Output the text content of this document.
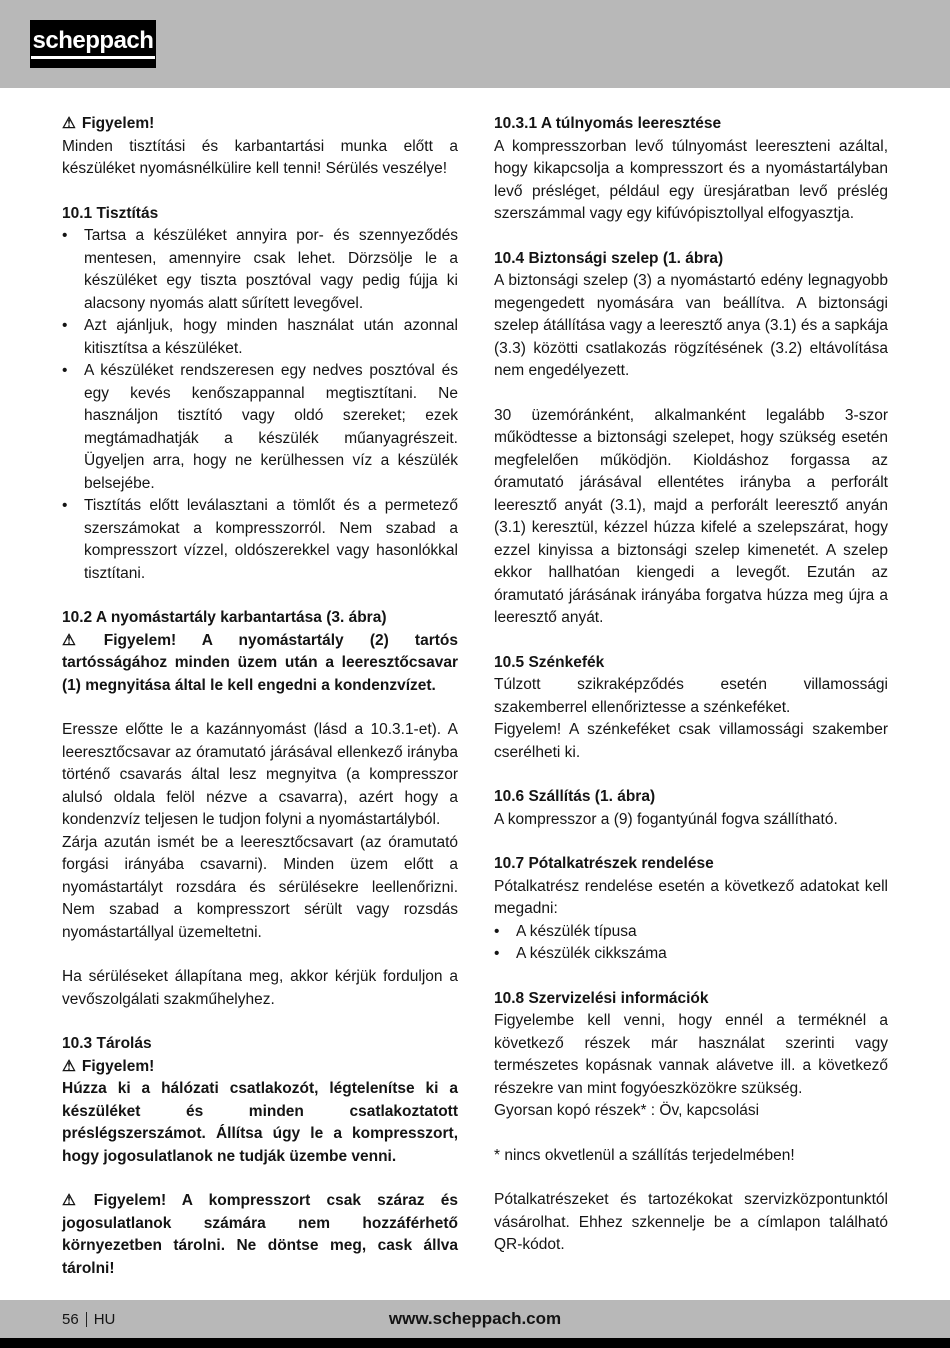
scheppach
⚠ Figyelem!

Minden tisztítási és karbantartási munka előtt a készüléket nyomásnélkülire kell tenni! Sérülés veszélye!

10.1 Tisztítás
•	Tartsa a készüléket annyira por- és szennyeződés mentesen, amennyire csak lehet. Dörzsölje le a készüléket egy tiszta posztóval vagy pedig fújja ki alacsony nyomás alatt sűrített levegővel.
•	Azt ajánljuk, hogy minden használat után azonnal kitisztítsa a készüléket.
•	A készüléket rendszeresen egy nedves posztóval és egy kevés kenőszappannal megtisztítani. Ne használjon tisztító vagy oldó szereket; ezek megtámadhatják a készülék műanyagrészeit. Ügyeljen arra, hogy ne kerülhessen víz a készülék belsejébe.
•	Tisztítás előtt leválasztani a tömlőt és a permetező szerszámokat a kompresszorról. Nem szabad a kompresszort vízzel, oldószerekkel vagy hasonlókkal tisztítani.
10.2 A nyomástartály karbantartása (3. ábra)

⚠ Figyelem! A nyomástartály (2) tartós tartósságához minden üzem után a leeresztőcsavar (1) megnyitása által le kell engedni a kondenzvízet.

Eressze előtte le a kazánnyomást (lásd a 10.3.1-et). A leeresztőcsavar az óramutató járásával ellenkező irányba történő csavarás által lesz megnyitva (a kompresszor alulsó oldala felöl nézve a csavarra), azért hogy a kondenzvíz teljesen le tudjon folyni a nyomástartályból.

Zárja azután ismét be a leeresztőcsavart (az óramutató forgási irányába csavarni). Minden üzem előtt a nyomástartályt rozsdára és sérülésekre leellenőrizni. Nem szabad a kompresszort sérült vagy rozsdás nyomástartállyal üzemeltetni.

Ha sérüléseket állapítana meg, akkor kérjük forduljon a vevőszolgálati szakműhelyhez.

10.3 Tárolás
⚠ Figyelem!

Húzza ki a hálózati csatlakozót, légtelenítse ki a készüléket és minden csatlakoztatott préslégszerszámot. Állítsa úgy le a kompresszort, hogy jogosulatlanok ne tudják üzembe venni.

⚠ Figyelem! A kompresszort csak száraz és jogosulatlanok számára nem hozzáférhető környezetben tárolni. Ne döntse meg, cask állva tárolni!

10.3.1 A túlnyomás leeresztése

A kompresszorban levő túlnyomást leereszteni azáltal, hogy kikapcsolja a kompresszort és a nyomástartályban levő présléget, például egy üresjáratban levő préslég szerszámmal vagy egy kifúvópisztollyal elfogyasztja.

10.4 Biztonsági szelep (1. ábra)

A biztonsági szelep (3) a nyomástartó edény legnagyobb megengedett nyomására van beállítva. A biztonsági szelep átállítása vagy a leeresztő anya (3.1) és a sapkája (3.3) közötti csatlakozás rögzítésének (3.2) eltávolítása nem engedélyezett.

30 üzemóránként, alkalmanként legalább 3-szor működtesse a biztonsági szelepet, hogy szükség esetén megfelelően működjön. Kioldáshoz forgassa az óramutató járásával ellentétes irányba a perforált leeresztő anyát (3.1), majd a perforált leeresztő anyán (3.1) keresztül, kézzel húzza kifelé a szelepszárat, hogy ezzel kinyissa a biztonsági szelep kimenetét. A szelep ekkor hallhatóan kiengedi a levegőt. Ezután az óramutató járásának irányába forgatva húzza meg újra a leeresztő anyát.

10.5 Szénkefék

Túlzott szikraképződés esetén villamossági szakemberrel ellenőriztesse a szénkeféket.

Figyelem! A szénkeféket csak villamossági szakember cserélheti ki.

10.6 Szállítás (1. ábra)

A kompresszor a (9) fogantyúnál fogva szállítható.

10.7 Pótalkatrészek rendelése

Pótalkatrész rendelése esetén a következő adatokat kell megadni:

•	A készülék típusa
•	A készülék cikkszáma
10.8 Szervizelési információk

Figyelembe kell venni, hogy ennél a terméknél a következő részek már használat szerinti vagy természetes kopásnak vannak alávetve ill. a következő részekre van mint fogyóeszközökre szükség.

Gyorsan kopó részek* : Öv, kapcsolási

* nincs okvetlenül a szállítás terjedelmében!

Pótalkatrészeket és tartozékokat szervizközpontunktól vásárolhat. Ehhez szkennelje be a címlapon található QR-kódot.

56 HU	www.scheppach.com
